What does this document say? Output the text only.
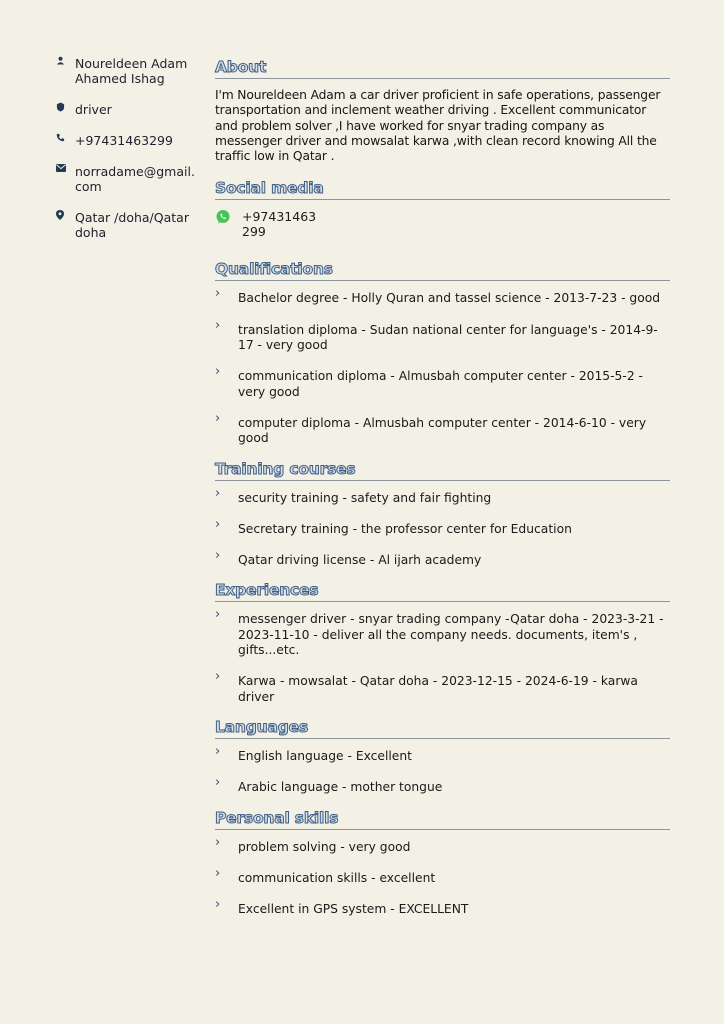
Noureldeen Adam Ahamed Ishag
driver
+97431463299
norradame@gmail.com
Qatar /doha/Qatar doha
About
I'm Noureldeen Adam a car driver proficient in safe operations, passenger transportation and inclement weather driving . Excellent communicator and problem solver ,I have worked for snyar trading company as messenger driver and mowsalat karwa ,with clean record knowing All the traffic low in Qatar .
Social media
+97431463 299
Qualifications
›	Bachelor degree - Holly Quran and tassel science - 2013-7-23 - good
›	translation diploma - Sudan national center for language's - 2014-9-17 - very good
›	communication diploma - Almusbah computer center - 2015-5-2 - very good
›	computer diploma - Almusbah computer center - 2014-6-10 - very good
Training courses
›	security training - safety and fair fighting
›	Secretary training - the professor center for Education
›	Qatar driving license - Al ijarh academy
Experiences
›	messenger driver - snyar trading company -Qatar doha - 2023-3-21 - 2023-11-10 - deliver all the company needs. documents, item's , gifts...etc.
›	Karwa - mowsalat - Qatar doha - 2023-12-15 - 2024-6-19 - karwa driver
Languages
›	English language - Excellent
›	Arabic language - mother tongue
Personal skills
›	problem solving - very good
›	communication skills - excellent
›	Excellent in GPS system - EXCELLENT
